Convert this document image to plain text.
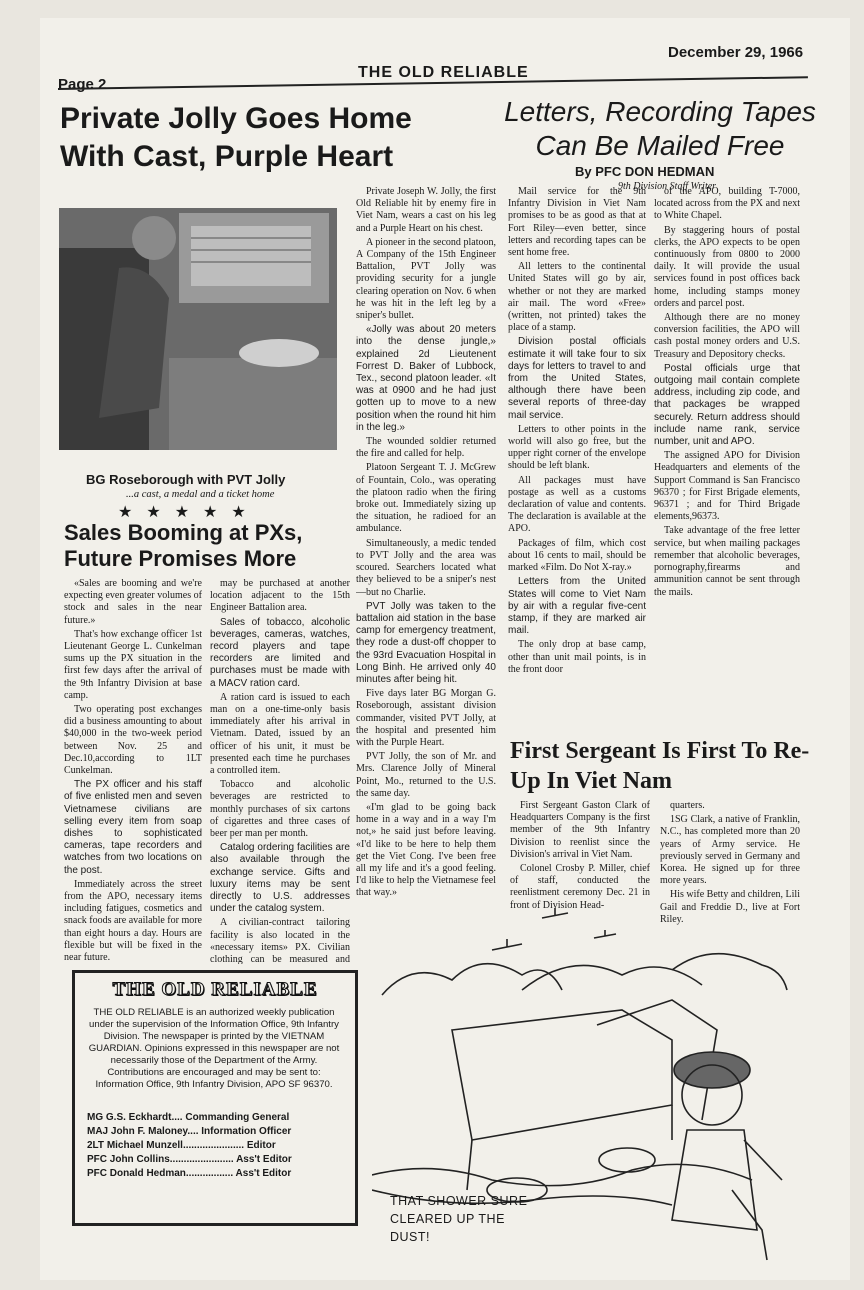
December 29, 1966
THE OLD RELIABLE
Page 2
Private Jolly Goes Home With Cast, Purple Heart
BG Roseborough with PVT Jolly
...a cast, a medal and a ticket home
★★★★★

Private Joseph W. Jolly, the first Old Reliable hit by enemy fire in Viet Nam, wears a cast on his leg and a Purple Heart on his chest.

A pioneer in the second platoon, A Company of the 15th Engineer Battalion, PVT Jolly was providing security for a jungle clearing operation on Nov. 6 when he was hit in the left leg by a sniper's bullet.

«Jolly was about 20 meters into the dense jungle,» explained 2d Lieutenent Forrest D. Baker of Lubbock, Tex., second platoon leader. «It was at 0900 and he had just gotten up to move to a new position when the round hit him in the leg.»

The wounded soldier returned the fire and called for help.

Platoon Sergeant T. J. McGrew of Fountain, Colo., was operating the platoon radio when the firing broke out. Immediately sizing up the situation, he radioed for an ambulance.

Simultaneously, a medic tended to PVT Jolly and the area was scoured. Searchers located what they believed to be a sniper's nest—but no Charlie.

PVT Jolly was taken to the battalion aid station in the base camp for emergency treatment, they rode a dust-off chopper to the 93rd Evacuation Hospital in Long Binh. He arrived only 40 minutes after being hit.

Five days later BG Morgan G. Roseborough, assistant division commander, visited PVT Jolly, at the hospital and presented him with the Purple Heart.

PVT Jolly, the son of Mr. and Mrs. Clarence Jolly of Mineral Point, Mo., returned to the U.S. the same day.

«I'm glad to be going back home in a way and in a way I'm not,» he said just before leaving. «I'd like to be here to help them get the Viet Cong. I've been free all my life and it's a good feeling. I'd like to help the Vietnamese feel that way.»

Sales Booming at PXs, Future Promises More

«Sales are booming and we're expecting even greater volumes of stock and sales in the near future.»

That's how exchange officer 1st Lieutenant George L. Cunkelman sums up the PX situation in the first few days after the arrival of the 9th Infantry Division at base camp.

Two operating post exchanges did a business amounting to about $40,000 in the two-week period between Nov. 25 and Dec.10,according to 1LT Cunkelman.

The PX officer and his staff of five enlisted men and seven Vietnamese civilians are selling every item from soap dishes to sophisticated cameras, tape recorders and watches from two locations on the post.

Immediately across the street from the APO, necessary items including fatigues, cosmetics and snack foods are available for more than eight hours a day. Hours are flexible but will be fixed in the near future.

may be purchased at another location adjacent to the 15th Engineer Battalion area.

Sales of tobacco, alcoholic beverages, cameras, watches, record players and tape recorders are limited and purchases must be made with a MACV ration card.

A ration card is issued to each man on a one-time-only basis immediately after his arrival in Vietnam. Dated, issued by an officer of his unit, it must be presented each time he purchases a controlled item.

Tobacco and alcoholic beverages are restricted to monthly purchases of six cartons of cigarettes and three cases of beer per man per month.

Catalog ordering facilities are also available through the exchange service. Gifts and luxury items may be sent directly to U.S. addresses under the catalog system.

A civilian-contract tailoring facility is also located in the «necessary items» PX. Civilian clothing can be measured and

Letters, Recording Tapes Can Be Mailed Free
By PFC DON HEDMAN
9th Division Staff Writer

Mail service for the 9th Infantry Division in Viet Nam promises to be as good as that at Fort Riley—even better, since letters and recording tapes can be sent home free.

All letters to the continental United States will go by air, whether or not they are marked air mail. The word «Free» (written, not printed) takes the place of a stamp.

Division postal officials estimate it will take four to six days for letters to travel to and from the United States, although there have been several reports of three-day mail service.

Letters to other points in the world will also go free, but the upper right corner of the envelope should be left blank.

All packages must have postage as well as a customs declaration of value and contents. The declaration is available at the APO.

Packages of film, which cost about 16 cents to mail, should be marked «Film. Do Not X-ray.»

Letters from the United States will come to Viet Nam by air with a regular five-cent stamp, if they are marked air mail.

The only drop at base camp, other than unit mail points, is in the front door

of the APO, building T-7000, located across from the PX and next to White Chapel.

By staggering hours of postal clerks, the APO expects to be open continuously from 0800 to 2000 daily. It will provide the usual services found in post offices back home, including stamps money orders and parcel post.

Although there are no money conversion facilities, the APO will cash postal money orders and U.S. Treasury and Depository checks.

Postal officials urge that outgoing mail contain complete address, including zip code, and that packages be wrapped securely. Return address should include name rank, service number, unit and APO.

The assigned APO for Division Headquarters and elements of the Support Command is San Francisco 96370 ; for First Brigade elements, 96371 ; and for Third Brigade elements,96373.

Take advantage of the free letter service, but when mailing packages remember that alcoholic beverages, pornography,firearms and ammunition cannot be sent through the mails.

First Sergeant Is First To Re-Up In Viet Nam

First Sergeant Gaston Clark of Headquarters Company is the first member of the 9th Infantry Division to reenlist since the Division's arrival in Viet Nam.

Colonel Crosby P. Miller, chief of staff, conducted the reenlistment ceremony Dec. 21 in front of Division Head-

quarters.

1SG Clark, a native of Franklin, N.C., has completed more than 20 years of Army service. He previously served in Germany and Korea. He signed up for three more years.

His wife Betty and children, Lili Gail and Freddie D., live at Fort Riley.

THE OLD RELIABLE
THE OLD RELIABLE is an authorized weekly publication under the supervision of the Information Office, 9th Infantry Division. The newspaper is printed by the VIETNAM GUARDIAN. Opinions expressed in this newspaper are not necessarily those of the Department of the Army. Contributions are encouraged and may be sent to: Information Office, 9th Infantry Division, APO SF 96370.
MG G.S. Eckhardt.... Commanding General
MAJ John F. Maloney.... Information Officer
2LT Michael Munzell...................... Editor
PFC John Collins....................... Ass't Editor
PFC Donald Hedman................. Ass't Editor
THAT SHOWER SURE
CLEARED UP THE
DUST!
